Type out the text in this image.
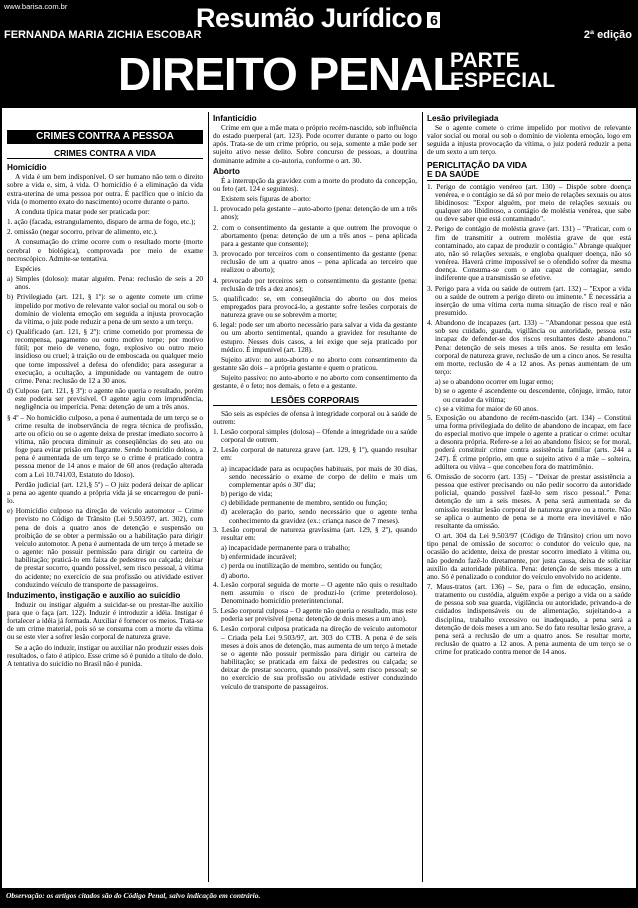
www.barisa.com.br	Resumão Jurídico 6
FERNANDA MARIA ZICHIA ESCOBAR	2ª edição
DIREITO PENAL
PARTE
ESPECIAL
CRIMES CONTRA A PESSOA
CRIMES CONTRA A VIDA
Homicídio

A vida é um bem indisponível. O ser humano não tem o direito sobre a vida e, sim, à vida. O homicídio é a eliminação da vida extra-uterina de uma pessoa por outra. É pacífico que o início da vida (o momento exato do nascimento) ocorre durante o parto.

A conduta típica matar pode ser praticada por:

1. ação (facada, estrangulamento, disparo de arma de fogo, etc.);
2. omissão (negar socorro, privar de alimento, etc.).

A consumação do crime ocorre com o resultado morte (morte cerebral e biológica), comprovada por meio de exame necroscópico. Admite-se tentativa.

Espécies

a) Simples (doloso): matar alguém. Pena: reclusão de seis a 20 anos.
b) Privilegiado (art. 121, § 1º): se o agente comete um crime impelido por motivo de relevante valor social ou moral ou sob o domínio de violenta emoção em seguida a injusta provocação da vítima, o juiz pode reduzir a pena de um sexto a um terço.
c) Qualificado (art. 121, § 2º): crime cometido por promessa de recompensa, pagamento ou outro motivo torpe; por motivo fútil; por meio de veneno, fogo, explosivo ou outro meio insidioso ou cruel; à traição ou de emboscada ou qualquer meio que torne impossível a defesa do ofendido; para assegurar a execução, a ocultação, a impunidade ou vantagem de outro crime. Pena: reclusão de 12 a 30 anos.
d) Culposo (art. 121, § 3º): o agente não queria o resultado, porém este poderia ser previsível. O agente agiu com imprudência, negligência ou imperícia. Pena: detenção de um a três anos.
§ 4º – No homicídio culposo, a pena é aumentada de um terço se o crime resulta de inobservância de regra técnica de profissão, arte ou ofício ou se o agente deixa de prestar imediato socorro à vítima, não procura diminuir as conseqüências do seu ato ou foge para evitar prisão em flagrante. Sendo homicídio doloso, a pena é aumentada de um terço se o crime é praticado contra pessoa menor de 14 anos e maior de 60 anos (redação alterada com a Lei 10.741/03, Estatuto do Idoso).

Perdão judicial (art. 121,§ 5º) – O juiz poderá deixar de aplicar a pena ao agente quando a própria vida já se encarregou de puni-lo.

e) Homicídio culposo na direção de veículo automotor – Crime previsto no Código de Trânsito (Lei 9.503/97, art. 302), com pena de dois a quatro anos de detenção e suspensão ou proibição de se obter a permissão ou a habilitação para dirigir veículo automotor. A pena é aumentada de um terço à metade se o agente: não possuir permissão para dirigir ou carteira de habilitação; praticá-lo em faixa de pedestres ou calçada; deixar de prestar socorro, quando possível, sem risco pessoal, à vítima do acidente; no exercício de sua profissão ou atividade estiver conduzindo veículo de transporte de passageiros.
Induzimento, instigação e auxílio ao suicídio

Induzir ou instigar alguém a suicidar-se ou prestar-lhe auxílio para que o faça (art. 122). Induzir é introduzir a idéia. Instigar é fortalecer a idéia já formada. Auxiliar é fornecer os meios. Trata-se de um crime material, pois só se consuma com a morte da vítima ou se este vier a sofrer lesão corporal de natureza grave.

Se a ação do induzir, instigar ou auxiliar não produzir esses dois resultados, o fato é atípico. Esse crime só é punido a título de dolo. A tentativa do suicídio no Brasil não é punida.

Infanticídio

Crime em que a mãe mata o próprio recém-nascido, sob influência do estado puerperal (art. 123). Pode ocorrer durante o parto ou logo após. Trata-se de um crime próprio, ou seja, somente a mãe pode ser sujeito ativo nesse delito. Sobre concurso de pessoas, a doutrina dominante admite a co-autoria, conforme o art. 30.

Aborto

É a interrupção da gravidez com a morte do produto da concepção, ou feto (art. 124 e seguintes).

Existem seis figuras de aborto:

1. provocado pela gestante – auto-aborto (pena: detenção de um a três anos);
2. com o consentimento da gestante a que outrem lhe provoque o abortamento (pena: detenção de um a três anos – pena aplicada para a gestante que consente);
3. provocado por terceiros com o consentimento da gestante (pena: reclusão de um a quatro anos – pena aplicada ao terceiro que realizou o aborto);
4. provocado por terceiros sem o consentimento da gestante (pena: reclusão de três a dez anos);
5. qualificado: se, em conseqüência do aborto ou dos meios empregados para provocá-lo, a gestante sofre lesões corporais de natureza grave ou se sobrevém a morte;
6. legal: pode ser um aborto necessário para salvar a vida da gestante ou um aborto sentimental, quando a gravidez for resultante de estupro. Nesses dois casos, a lei exige que seja praticado por médico. É impunível (art. 128).

Sujeito ativo: no auto-aborto e no aborto com consentimento da gestante são dois – a própria gestante e quem o praticou.

Sujeito passivo: no auto-aborto e no aborto com consentimento da gestante, é o feto; nos demais, o feto e a gestante.

LESÕES CORPORAIS

São seis as espécies de ofensa à integridade corporal ou à saúde de outrem:

1. Lesão corporal simples (dolosa) – Ofende a integridade ou a saúde corporal de outrem.
2. Lesão corporal de natureza grave (art. 129, § 1º), quando resultar em:
a) incapacidade para as ocupações habituais, por mais de 30 dias, sendo necessário o exame de corpo de delito e mais um complementar após o 30º dia;
b) perigo de vida;
c) debilidade permanente de membro, sentido ou função;
d) aceleração do parto, sendo necessário que o agente tenha conhecimento da gravidez (ex.: criança nasce de 7 meses).
3. Lesão corporal de natureza gravíssima (art. 129, § 2º), quando resultar em:
a) incapacidade permanente para o trabalho;
b) enfermidade incurável;
c) perda ou inutilização de membro, sentido ou função;
d) aborto.
4. Lesão corporal seguida de morte – O agente não quis o resultado nem assumiu o risco de produzi-lo (crime preterdoloso). Denominado homicídio preterintencional.
5. Lesão corporal culposa – O agente não queria o resultado, mas este poderia ser previsível (pena: detenção de dois meses a um ano).
6. Lesão corporal culposa praticada na direção de veículo automotor – Criada pela Lei 9.503/97, art. 303 do CTB. A pena é de seis meses a dois anos de detenção, mas aumenta de um terço à metade se o agente não possuir permissão para dirigir ou carteira de habilitação; se praticada em faixa de pedestres ou calçada; se deixar de prestar socorro, quando possível, sem risco pessoal; se no exercício de sua profissão ou atividade estiver conduzindo veículo de transporte de passageiros.
Lesão privilegiada

Se o agente comete o crime impelido por motivo de relevante valor social ou moral ou sob o domínio de violenta emoção, logo em seguida a injusta provocação da vítima, o juiz poderá reduzir a pena de um sexto a um terço.

PERICLITAÇÃO DA VIDA
E DA SAÚDE
1. Perigo de contágio venéreo (art. 130) – Dispõe sobre doença venérea, e o contágio se dá só por meio de relações sexuais ou atos libidinosos: "Expor alguém, por meio de relações sexuais ou qualquer ato libidinoso, a contágio de moléstia venérea, que sabe ou deve saber que está contaminado".
2. Perigo de contágio de moléstia grave (art. 131) – "Praticar, com o fim de transmitir a outrem moléstia grave de que está contaminado, ato capaz de produzir o contágio." Abrange qualquer ato, não só relações sexuais, e engloba qualquer doença, não só venérea. Haverá crime impossível se o ofendido sofrer da mesma doença. Consuma-se com o ato capaz de contagiar, sendo indiferente que a transmissão se efetive.
3. Perigo para a vida ou saúde de outrem (art. 132) – "Expor a vida ou a saúde de outrem a perigo direto ou iminente." É necessária a inserção de uma vítima certa numa situação de risco real e não presumido.
4. Abandono de incapazes (art. 133) – "Abandonar pessoa que está sob seu cuidado, guarda, vigilância ou autoridade, pessoa esta incapaz de defender-se dos riscos resultantes deste abandono." Pena: detenção de seis meses a três anos. Se resulta em lesão corporal de natureza grave, reclusão de um a cinco anos. Se resulta em morte, reclusão de 4 a 12 anos. As penas aumentam de um terço:
a) se o abandono ocorrer em lugar ermo;
b) se o agente é ascendente ou descendente, cônjuge, irmão, tutor ou curador da vítima;
c) se a vítima for maior de 60 anos.
5. Exposição ou abandono de recém-nascido (art. 134) – Constitui uma forma privilegiada do delito de abandono de incapaz, em face do especial motivo que impele o agente a praticar o crime: ocultar a desonra própria. Refere-se a lei ao abandono físico; se for moral, poderá constituir crime contra assistência familiar (arts. 244 a 247). É crime próprio, em que o sujeito ativo é a mãe – solteira, adúltera ou viúva – que concebeu fora do matrimônio.
6. Omissão de socorro (art. 135) – "Deixar de prestar assistência a pessoa que estiver precisando ou não pedir socorro da autoridade policial, quando possível fazê-lo sem risco pessoal." Pena: detenção de um a seis meses. A pena será aumentada se da omissão resultar lesão corporal de natureza grave ou a morte. Não se aplica o aumento de pena se a morte era inevitável e não resultante da omissão.

O art. 304 da Lei 9.503/97 (Código de Trânsito) criou um novo tipo penal de omissão de socorro: o condutor do veículo que, na ocasião do acidente, deixa de prestar socorro imediato à vítima ou, não podendo fazê-lo diretamente, por justa causa, deixa de solicitar auxílio da autoridade pública. Pena: detenção de seis meses a um ano. Só é penalizado o condutor do veículo envolvido no acidente.

7. Maus-tratos (art. 136) – Se, para o fim de educação, ensino, tratamento ou custódia, alguém expõe a perigo a vida ou a saúde de pessoa sob sua guarda, vigilância ou autoridade, privando-a de cuidados indispensáveis ou de alimentação, sujeitando-a a disciplina, trabalho excessivo ou inadequado, a pena será a detenção de dois meses a um ano. Se do fato resultar lesão grave, a pena será a reclusão de um a quatro anos. Se resultar morte, reclusão de quatro a 12 anos. A pena aumenta de um terço se o crime for praticado contra menor de 14 anos.
Observação: os artigos citados são do Código Penal, salvo indicação em contrário.
